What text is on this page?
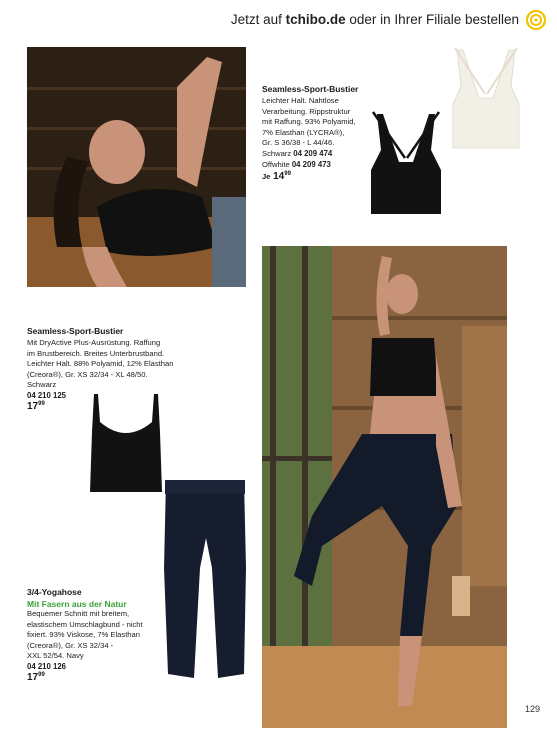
Jetzt auf tchibo.de oder in Ihrer Filiale bestellen
Seamless-Sport-Bustier
Leichter Halt. Nahtlose
Verarbeitung. Rippstruktur
mit Raffung. 93% Polyamid,
7% Elasthan (LYCRA®),
Gr. S 36/38 - L 44/46.
Schwarz 04 209 474
Offwhite 04 209 473
Je $14^{99}$
Seamless-Sport-Bustier
Mit DryActive Plus-Ausrüstung. Raffung
im Brustbereich. Breites Unterbrustband.
Leichter Halt. 88% Polyamid, 12% Elasthan
(Creora®), Gr. XS 32/34 - XL 48/50.
Schwarz
04 210 125
$17^{99}$
3/4-Yogahose
Mit Fasern aus der Natur
Bequemer Schnitt mit breitem,
elastischem Umschlagbund - nicht
fixiert. 93% Viskose, 7% Elasthan
(Creora®), Gr. XS 32/34 -
XXL 52/54. Navy
04 210 126
$17^{99}$
129
